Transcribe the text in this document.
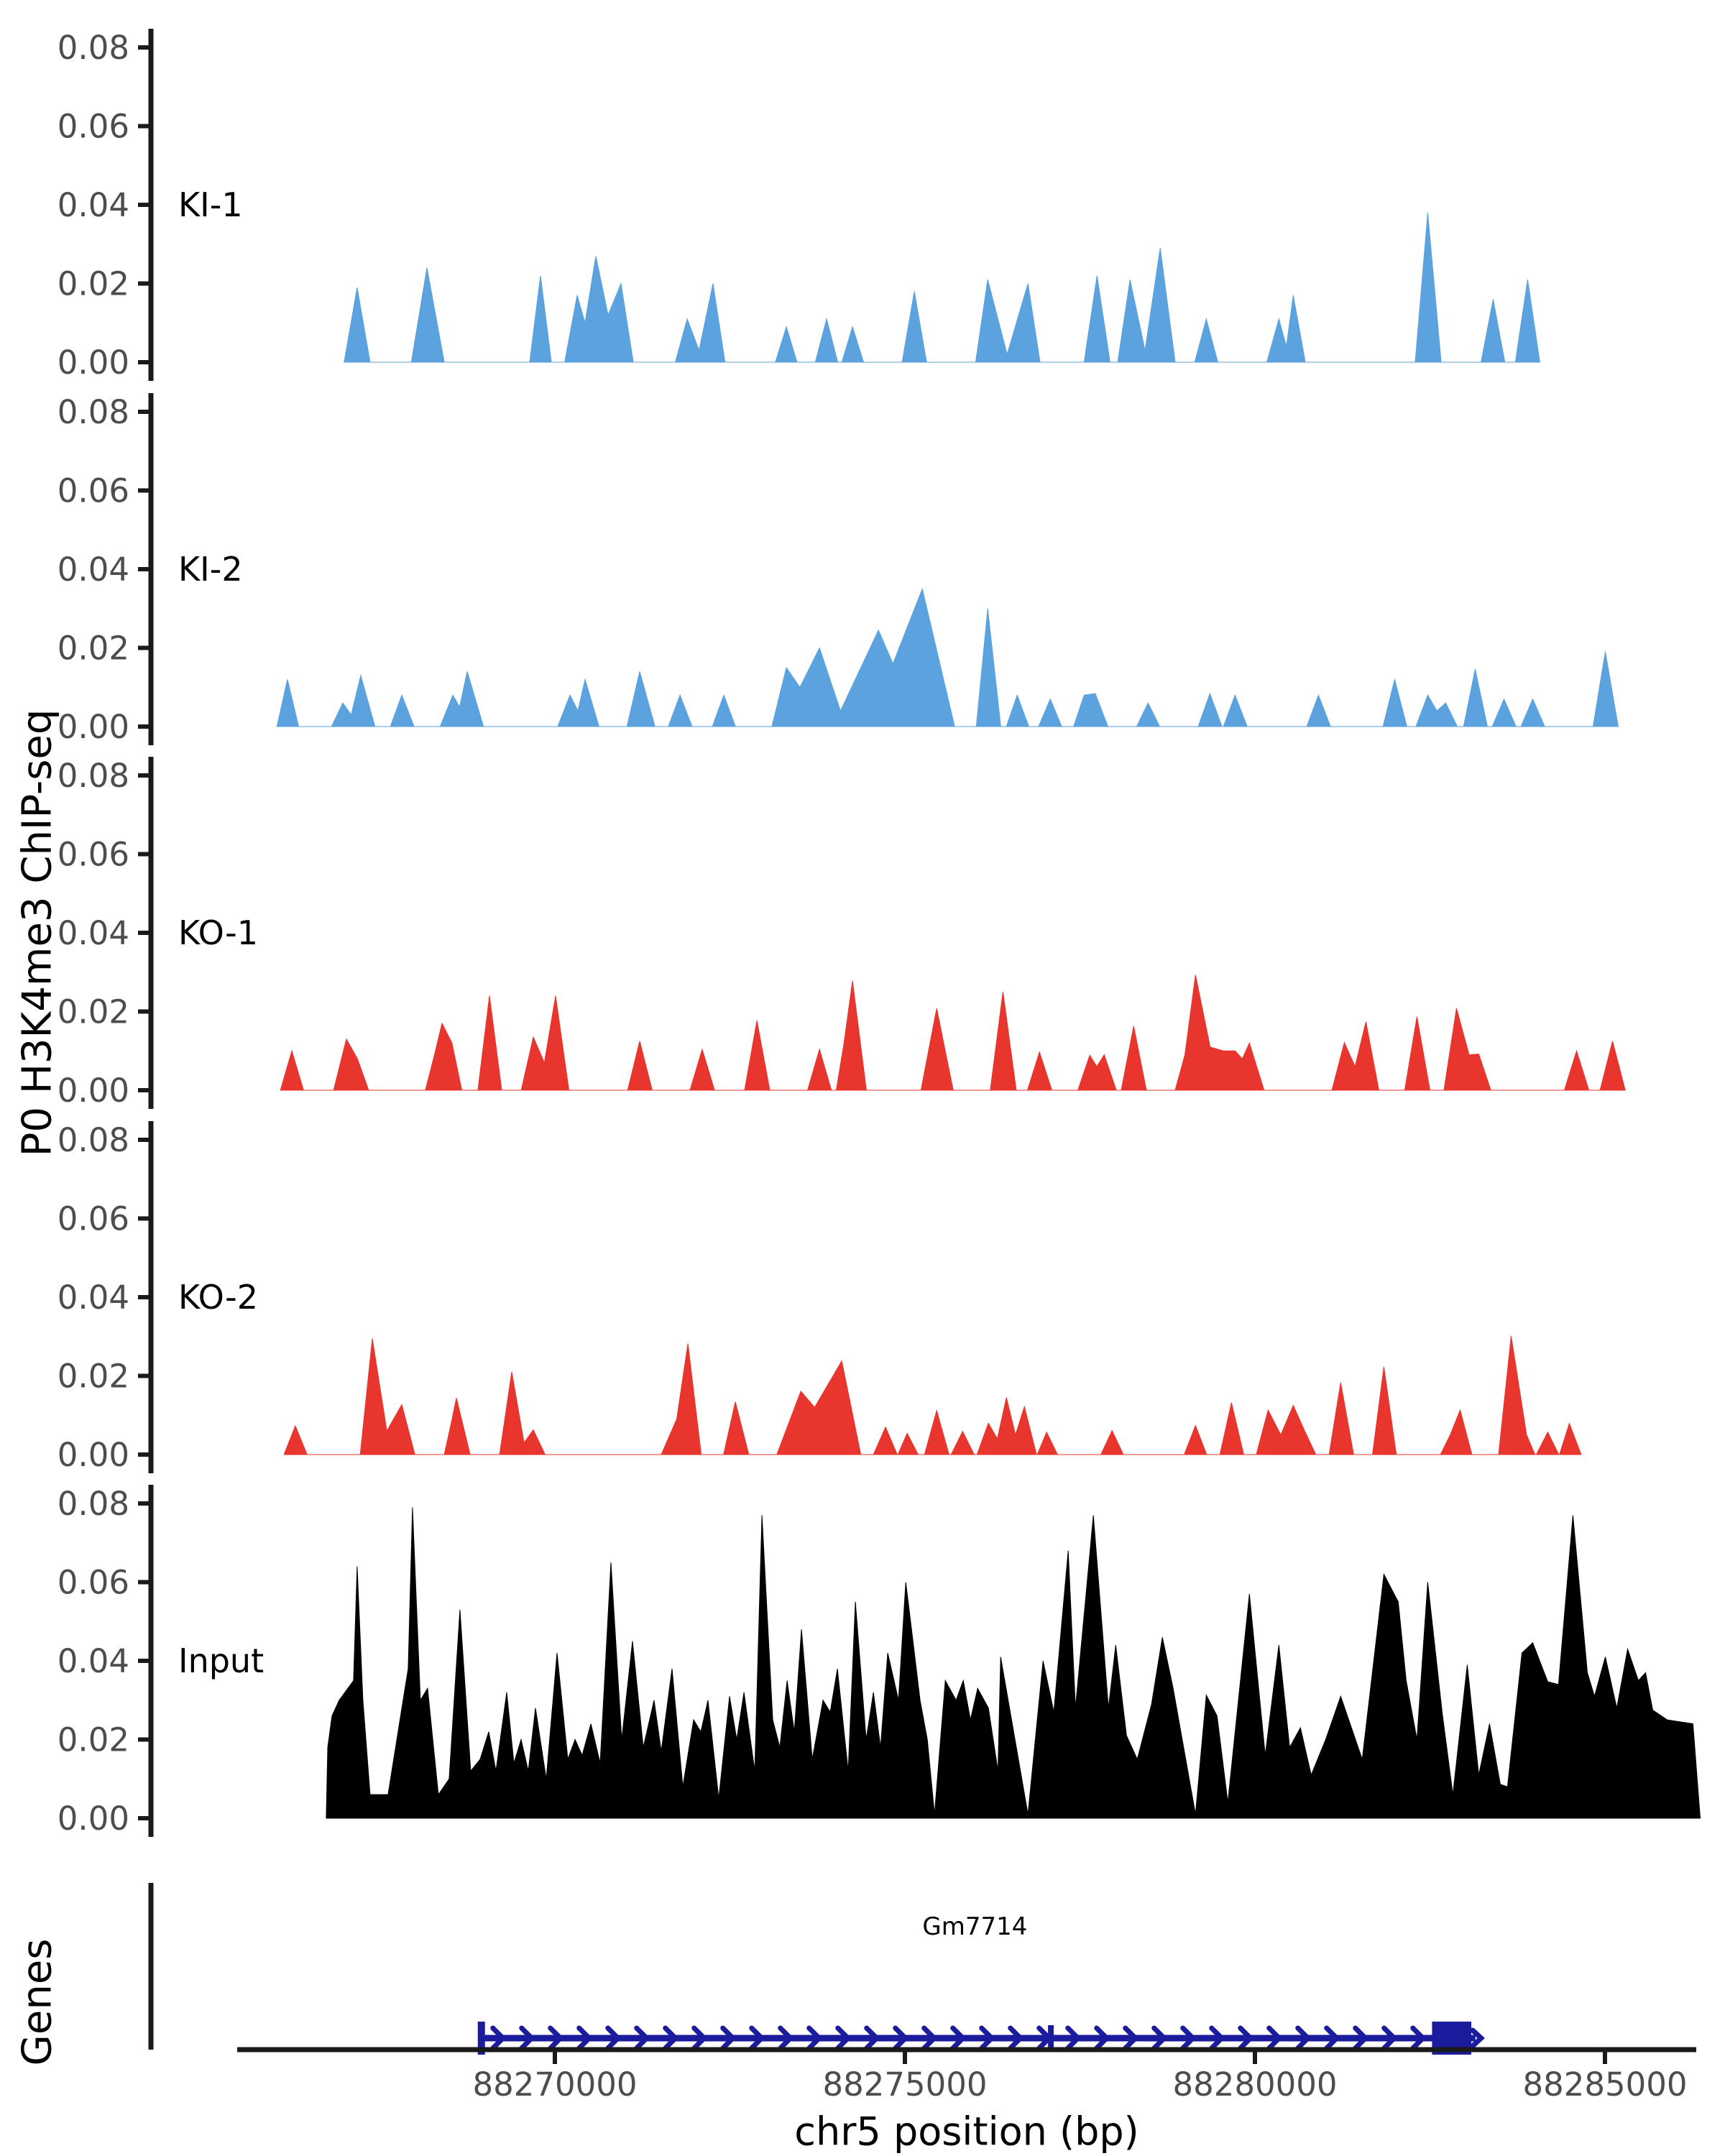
P0 H3K4me3 ChIP-seq
Genes
chr5 position (bp)
0.08
0.06
0.04
0.02
0.00
KI-1
0.08
0.06
0.04
0.02
0.00
KI-2
0.08
0.06
0.04
0.02
0.00
KO-1
0.08
0.06
0.04
0.02
0.00
KO-2
0.08
0.06
0.04
0.02
0.00
Input
Gm7714
88270000	88275000	88280000	88285000
